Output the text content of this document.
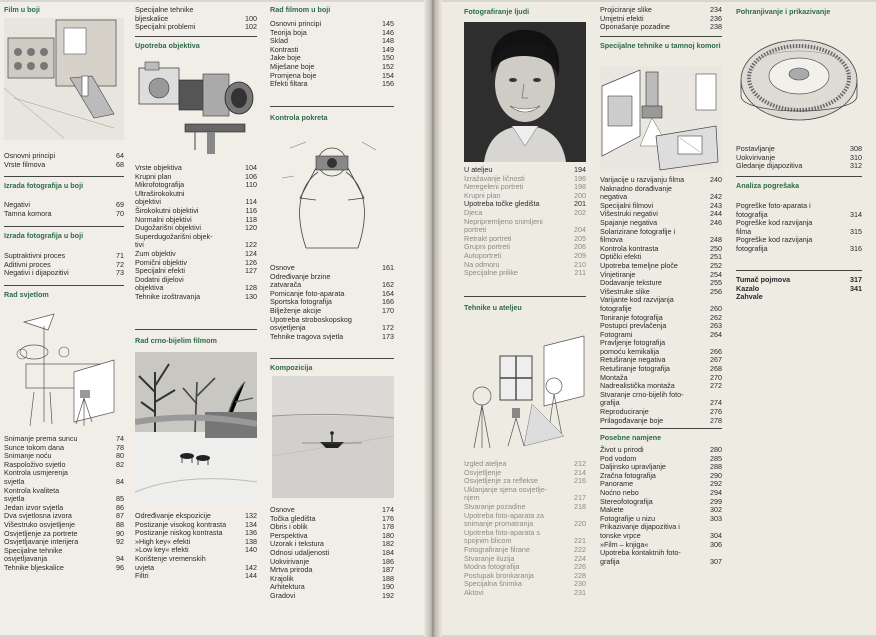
Film u boji
Osnovni principi	64
Vrste filmova	68
Izrada fotografija u boji
Negativi	69
Tamna komora	70
Izrada fotografija u boji
Suptraktivni proces	71
Aditivni proces	72
Negativi i dijapozitivi	73
Rad svjetlom
Snimanje prema suncu	74
Sunce tokom dana	78
Snimanje noću	80
Raspoloživo svjetlo	82
Kontrola usmjerenja
svjetla	84
Kontrola kvaliteta
svjetla	85
Jedan izvor svjetla	86
Dva svjetlosna izvora	87
Višestruko osvjetljenje	88
Osvjetljenje za portrete	90
Osvjetljavanje interijera	92
Specijalne tehnike
osvjetljavanja	94
Tehnike bljeskalice	96
Specijalne tehnike
bljeskalice	100
Specijalni problemi	102
Upotreba objektiva
Vrste objektiva	104
Krupni plan	106
Mikrofotografija	110
Ultraširokokutni
objektivi	114
Širokokutni objektivi	116
Normalni objektivi	118
Dugožarišni objektivi	120
Superdugožarišni objek-
tivi	122
Zum objektiv	124
Pomični objektiv	126
Specijalni efekti	127
Dodatni dijelovi
objektiva	128
Tehnike izoštravanja	130
Rad crno-bijelim filmom
Određivanje ekspozicije	132
Postizanje visokog kontrasta	134
Postizanje niskog kontrasta	136
»High key« efekti	138
»Low key« efekti	140
Korištenje vremenskih
uvjeta	142
Filtri	144
Rad filmom u boji
Osnovni principi	145
Teorija boja	146
Sklad	148
Kontrasti	149
Jake boje	150
Miješane boje	152
Promjena boje	154
Efekti filtara	156
Kontrola pokreta
Osnove	161
Određivanje brzine
zatvarača	162
Pomicanje foto-aparata	164
Sportska fotografija	166
Bilježenje akcije	170
Upotreba stroboskopskog
osvjetljenja	172
Tehnike tragova svjetla	173
Kompozicija
Osnove	174
Točka gledišta	176
Obris i oblik	178
Perspektiva	180
Uzorak i tekstura	182
Odnosi udaljenosti	184
Uokvirivanje	186
Mrtva priroda	187
Krajolik	188
Arhitektura	190
Gradovi	192
Fotografiranje ljudi
U ateljeu	194
Izražavanje ličnosti	196
Neregeleni portreti	198
Krupni plan	200
Upotreba točke gledišta	201
Djeca	202
Nepripremljeno snimljeni
portreti	204
Retrakt portreti	205
Grupni portreti	206
Autoportreti	209
Na odmoru	210
Specijalne prilike	211
Tehnike u ateljeu
Izgled ateljea	212
Osvjetljenje	214
Osvjetljenje za reflekse	216
Uklanjanje sjena osvjetlje-
njem	217
Stvaranje pozadine	218
Upotreba foto-aparata za
snimanje promatranja	220
Upotreba foto-aparata s
spojnim blicom	221
Fotografiranje filrane	222
Stvaranje iluzija	224
Modna fotografija	226
Postupak bronkaranja	228
Specijalna šnimka	230
Aktovi	231
Projiciranje slike	234
Umjetni efekti	236
Oponašanje pozadine	238
Specijalne tehnike u tamnoj komori
Varijacije u razvijanju filma	240
Naknadno dorađivanje
negativa	242
Specijalni filmovi	243
Višestruki negativi	244
Spajanje negativa	246
Solarizirane fotografije i
filmova	248
Kontrola kontrasta	250
Optički efekti	251
Upotreba temeljne ploče	252
Vinjetiranje	254
Dodavanje teksture	255
Višestruke slike	256
Varijante kod razvijanja
fotografije	260
Toniranje fotografija	262
Postupci prevlačenja	263
Fotogrami	264
Pravljenje fotografija
pomoću kemikalija	266
Retuširanje negativa	267
Retuširanje fotografija	268
Montaža	270
Nadrealistička montaža	272
Stvaranje crno-bijelih foto-
grafija	274
Reproduciranje	276
Prilagođavanje boje	278
Posebne namjene
Život u prirodi	280
Pod vodom	285
Daljinsko upravljanje	288
Zračna fotografija	290
Panorame	292
Noćno nebo	294
Stereofotografija	299
Makete	302
Fotografije u nizu	303
Prikazivanje dijapozitiva i
tonske vrpce	304
»Film – knjiga«	306
Upotreba kontaktnih foto-
grafija	307
Pohranjivanje i prikazivanje
Postavljanje	308
Uokvirivanje	310
Gledanje dijapozitiva	312
Analiza pogrešaka
Pogreške foto-aparata i
fotografija	314
Pogreške kod razvijanja
filma	315
Pogreške kod razvijanja
fotografija	316
Tumač pojmova	317
Kazalo	341
Zahvale
